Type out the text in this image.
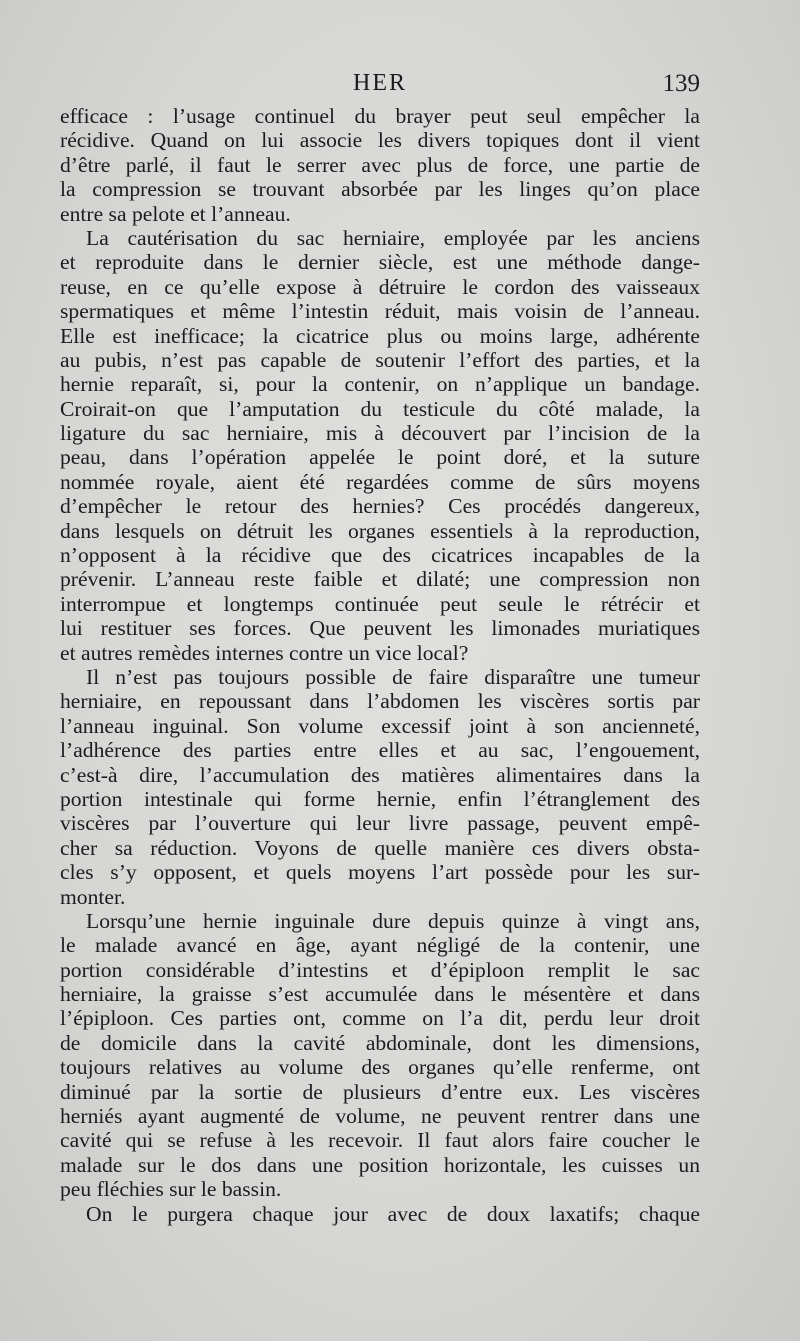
HER	139
efficace : l’usage continuel du brayer peut seul empêcher la
récidive. Quand on lui associe les divers topiques dont il vient
d’être parlé, il faut le serrer avec plus de force, une partie de
la compression se trouvant absorbée par les linges qu’on place
entre sa pelote et l’anneau.
La cautérisation du sac herniaire, employée par les anciens
et reproduite dans le dernier siècle, est une méthode dange-
reuse, en ce qu’elle expose à détruire le cordon des vaisseaux
spermatiques et même l’intestin réduit, mais voisin de l’anneau.
Elle est inefficace; la cicatrice plus ou moins large, adhérente
au pubis, n’est pas capable de soutenir l’effort des parties, et la
hernie reparaît, si, pour la contenir, on n’applique un bandage.
Croirait-on que l’amputation du testicule du côté malade, la
ligature du sac herniaire, mis à découvert par l’incision de la
peau, dans l’opération appelée le point doré, et la suture
nommée royale, aient été regardées comme de sûrs moyens
d’empêcher le retour des hernies? Ces procédés dangereux,
dans lesquels on détruit les organes essentiels à la reproduction,
n’opposent à la récidive que des cicatrices incapables de la
prévenir. L’anneau reste faible et dilaté; une compression non
interrompue et longtemps continuée peut seule le rétrécir et
lui restituer ses forces. Que peuvent les limonades muriatiques
et autres remèdes internes contre un vice local?
Il n’est pas toujours possible de faire disparaître une tumeur
herniaire, en repoussant dans l’abdomen les viscères sortis par
l’anneau inguinal. Son volume excessif joint à son ancienneté,
l’adhérence des parties entre elles et au sac, l’engouement,
c’est-à dire, l’accumulation des matières alimentaires dans la
portion intestinale qui forme hernie, enfin l’étranglement des
viscères par l’ouverture qui leur livre passage, peuvent empê-
cher sa réduction. Voyons de quelle manière ces divers obsta-
cles s’y opposent, et quels moyens l’art possède pour les sur-
monter.
Lorsqu’une hernie inguinale dure depuis quinze à vingt ans,
le malade avancé en âge, ayant négligé de la contenir, une
portion considérable d’intestins et d’épiploon remplit le sac
herniaire, la graisse s’est accumulée dans le mésentère et dans
l’épiploon. Ces parties ont, comme on l’a dit, perdu leur droit
de domicile dans la cavité abdominale, dont les dimensions,
toujours relatives au volume des organes qu’elle renferme, ont
diminué par la sortie de plusieurs d’entre eux. Les viscères
herniés ayant augmenté de volume, ne peuvent rentrer dans une
cavité qui se refuse à les recevoir. Il faut alors faire coucher le
malade sur le dos dans une position horizontale, les cuisses un
peu fléchies sur le bassin.
On le purgera chaque jour avec de doux laxatifs; chaque
